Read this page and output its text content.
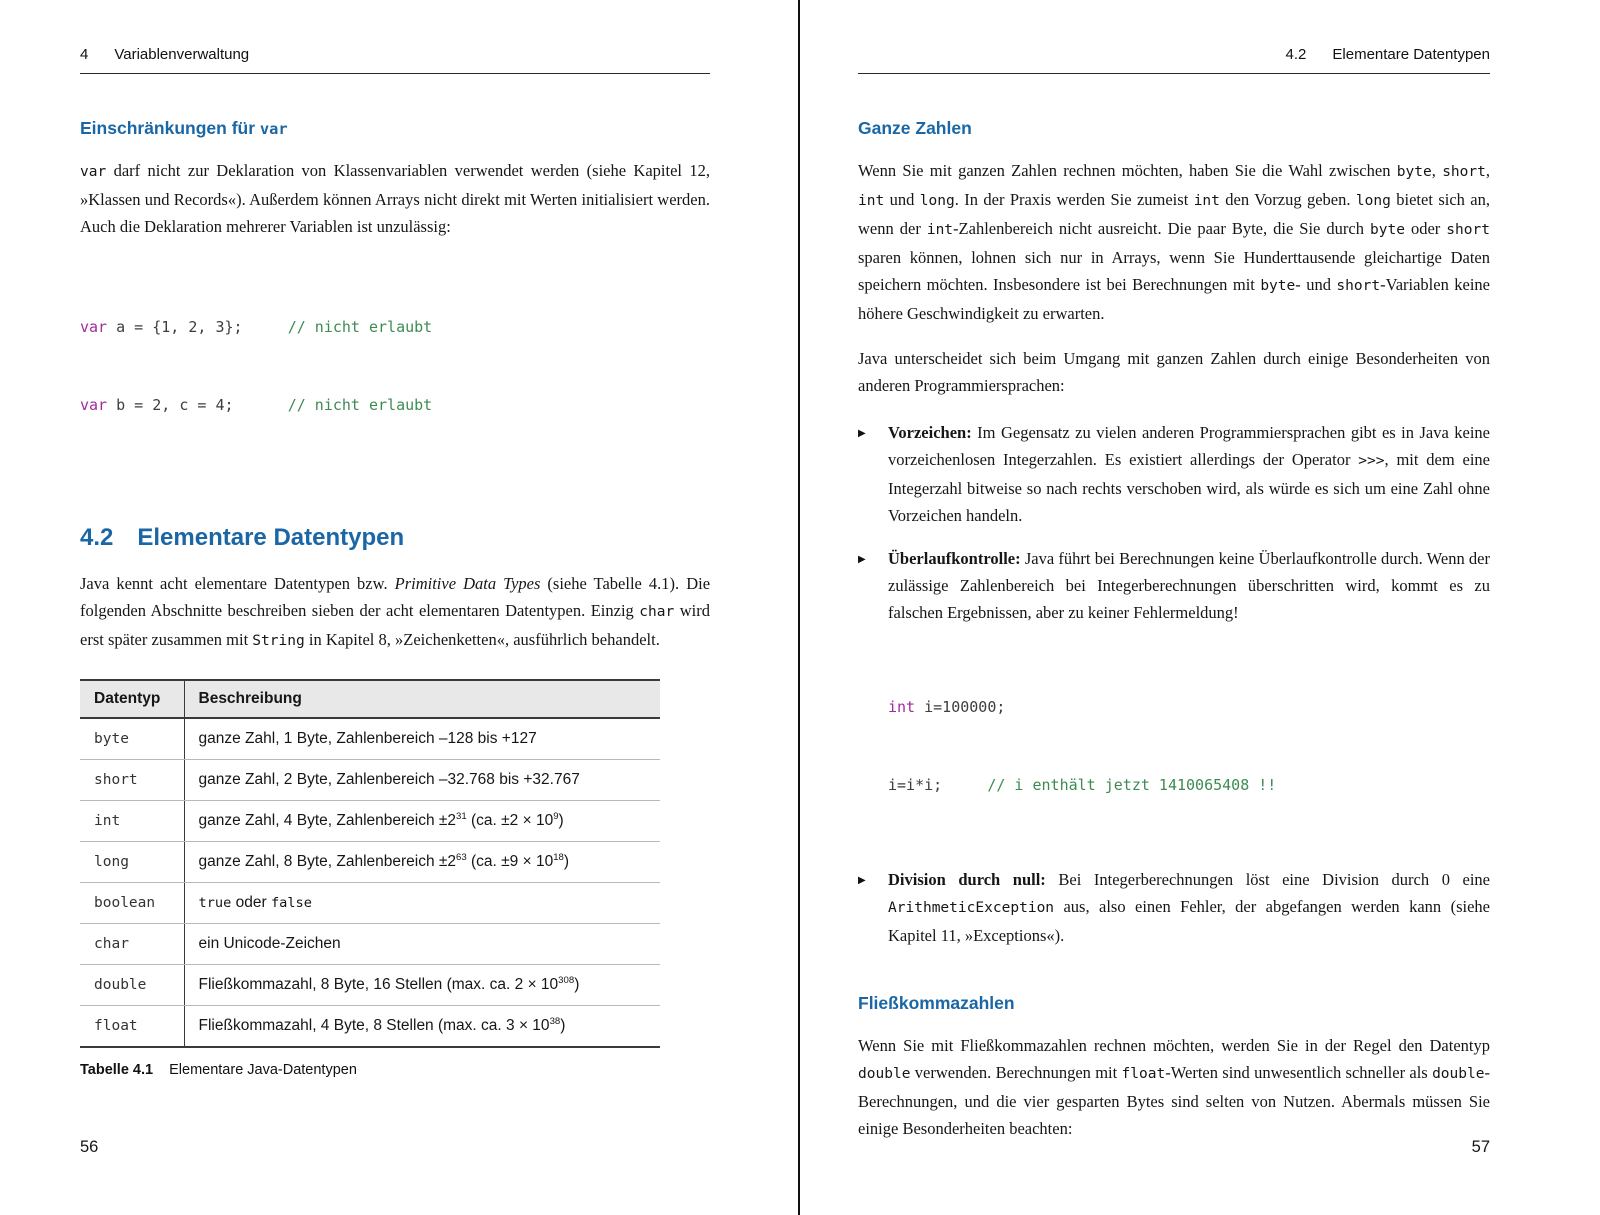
4 Variablenverwaltung
Einschränkungen für var
var darf nicht zur Deklaration von Klassenvariablen verwendet werden (siehe Kapitel 12, »Klassen und Records«). Außerdem können Arrays nicht direkt mit Werten initialisiert werden. Auch die Deklaration mehrerer Variablen ist unzulässig:

var a = {1, 2, 3};     // nicht erlaubt

var b = 2, c = 4;      // nicht erlaubt

4.2 Elementare Datentypen
Java kennt acht elementare Datentypen bzw. Primitive Data Types (siehe Tabelle 4.1). Die folgenden Abschnitte beschreiben sieben der acht elementaren Datentypen. Einzig char wird erst später zusammen mit String in Kapitel 8, »Zeichenketten«, ausführlich behandelt.
Datentyp	Beschreibung
byte	ganze Zahl, 1 Byte, Zahlenbereich –128 bis +127
short	ganze Zahl, 2 Byte, Zahlenbereich –32.768 bis +32.767
int	ganze Zahl, 4 Byte, Zahlenbereich $\pm 2^{31}$ (ca. $\pm 2 \times 10^9$)
long	ganze Zahl, 8 Byte, Zahlenbereich $\pm 2^{63}$ (ca. $\pm 9 \times 10^{18}$)
boolean	true oder false
char	ein Unicode-Zeichen
double	Fließkommazahl, 8 Byte, 16 Stellen (max. ca. $2 \times 10^{308}$)
float	Fließkommazahl, 4 Byte, 8 Stellen (max. ca. $3 \times 10^{38}$)
Tabelle 4.1 Elementare Java-Datentypen
56
4.2 Elementare Datentypen
Ganze Zahlen
Wenn Sie mit ganzen Zahlen rechnen möchten, haben Sie die Wahl zwischen byte, short, int und long. In der Praxis werden Sie zumeist int den Vorzug geben. long bietet sich an, wenn der int-Zahlenbereich nicht ausreicht. Die paar Byte, die Sie durch byte oder short sparen können, lohnen sich nur in Arrays, wenn Sie Hunderttausende gleichartige Daten speichern möchten. Insbesondere ist bei Berechnungen mit byte- und short-Variablen keine höhere Geschwindigkeit zu erwarten.
Java unterscheidet sich beim Umgang mit ganzen Zahlen durch einige Besonderheiten von anderen Programmiersprachen:
▶	Vorzeichen: Im Gegensatz zu vielen anderen Programmiersprachen gibt es in Java keine vorzeichenlosen Integerzahlen. Es existiert allerdings der Operator >>>, mit dem eine Integerzahl bitweise so nach rechts verschoben wird, als würde es sich um eine Zahl ohne Vorzeichen handeln.
▶	Überlaufkontrolle: Java führt bei Berechnungen keine Überlaufkontrolle durch. Wenn der zulässige Zahlenbereich bei Integerberechnungen überschritten wird, kommt es zu falschen Ergebnissen, aber zu keiner Fehlermeldung!

int i=100000;

i=i*i;     // i enthält jetzt 1410065408 !!

▶	Division durch null: Bei Integerberechnungen löst eine Division durch 0 eine ArithmeticException aus, also einen Fehler, der abgefangen werden kann (siehe Kapitel 11, »Exceptions«).
Fließkommazahlen
Wenn Sie mit Fließkommazahlen rechnen möchten, werden Sie in der Regel den Datentyp double verwenden. Berechnungen mit float-Werten sind unwesentlich schneller als double-Berechnungen, und die vier gesparten Bytes sind selten von Nutzen. Abermals müssen Sie einige Besonderheiten beachten:
57
